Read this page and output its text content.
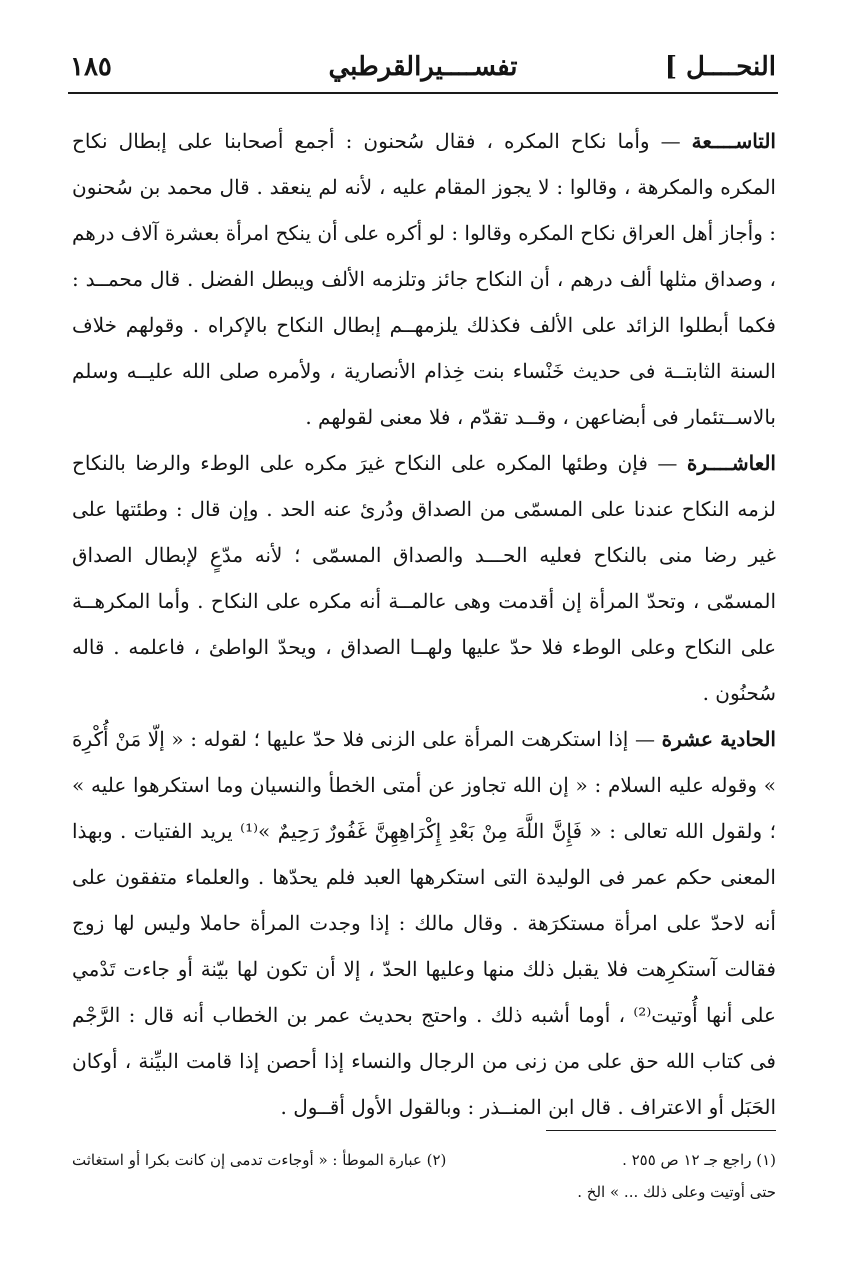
النحــــل ]
تفســــيرالقرطبي
١٨٥

التاســــعة — وأما نكاح المكره ، فقال سُحنون : أجمع أصحابنا على إبطال نكاح المكره والمكرهة ، وقالوا : لا يجوز المقام عليه ، لأنه لم ينعقد . قال محمد بن سُحنون : وأجاز أهل العراق نكاح المكره وقالوا : لو أكره على أن ينكح امرأة بعشرة آلاف درهم ، وصداق مثلها ألف درهم ، أن النكاح جائز وتلزمه الألف ويبطل الفضل . قال محمــد : فكما أبطلوا الزائد على الألف فكذلك يلزمهــم إبطال النكاح بالإكراه . وقولهم خلاف السنة الثابتــة فى حديث خَنْساء بنت خِذام الأنصارية ، ولأمره صلى الله عليــه وسلم بالاســتئمار فى أبضاعهن ، وقــد تقدّم ، فلا معنى لقولهم .

العاشــــرة — فإن وطئها المكره على النكاح غيرَ مكره على الوطء والرضا بالنكاح لزمه النكاح عندنا على المسمّى من الصداق ودُرئ عنه الحد . وإن قال : وطئتها على غير رضا منى بالنكاح فعليه الحـــد والصداق المسمّى ؛ لأنه مدّعٍ لإبطال الصداق المسمّى ، وتحدّ المرأة إن أقدمت وهى عالمــة أنه مكره على النكاح . وأما المكرهــة على النكاح وعلى الوطء فلا حدّ عليها ولهــا الصداق ، ويحدّ الواطئ ، فاعلمه . قاله سُحنُون .

الحادية عشرة — إذا استكرهت المرأة على الزنى فلا حدّ عليها ؛ لقوله : « إلّا مَنْ أُكْرِهَ » وقوله عليه السلام : « إن الله تجاوز عن أمتى الخطأ والنسيان وما استكرهوا عليه » ؛ ولقول الله تعالى : « فَإِنَّ اللَّهَ مِنْ بَعْدِ إِكْرَاهِهِنَّ غَفُورٌ رَحِيمٌ »⁽¹⁾ يريد الفتيات . وبهذا المعنى حكم عمر فى الوليدة التى استكرهها العبد فلم يحدّها . والعلماء متفقون على أنه لاحدّ على امرأة مستكرَهة . وقال مالك : إذا وجدت المرأة حاملا وليس لها زوج فقالت آستكرِهت فلا يقبل ذلك منها وعليها الحدّ ، إلا أن تكون لها بيّنة أو جاءت تَدْمي على أنها أُوتيت⁽²⁾ ، أوما أشبه ذلك . واحتج بحديث عمر بن الخطاب أنه قال : الرَّجْم فى كتاب الله حق على من زنى من الرجال والنساء إذا أحصن إذا قامت البيِّنة ، أوكان الحَبَل أو الاعتراف . قال ابن المنــذر : وبالقول الأول أقــول .

(١) راجع جـ ١٢ ص ٢٥٥ .
(٢) عبارة الموطأ : « أوجاءت تدمى إن كانت بكرا أو استغاثت
حتى أوتيت وعلى ذلك ... » الخ .
